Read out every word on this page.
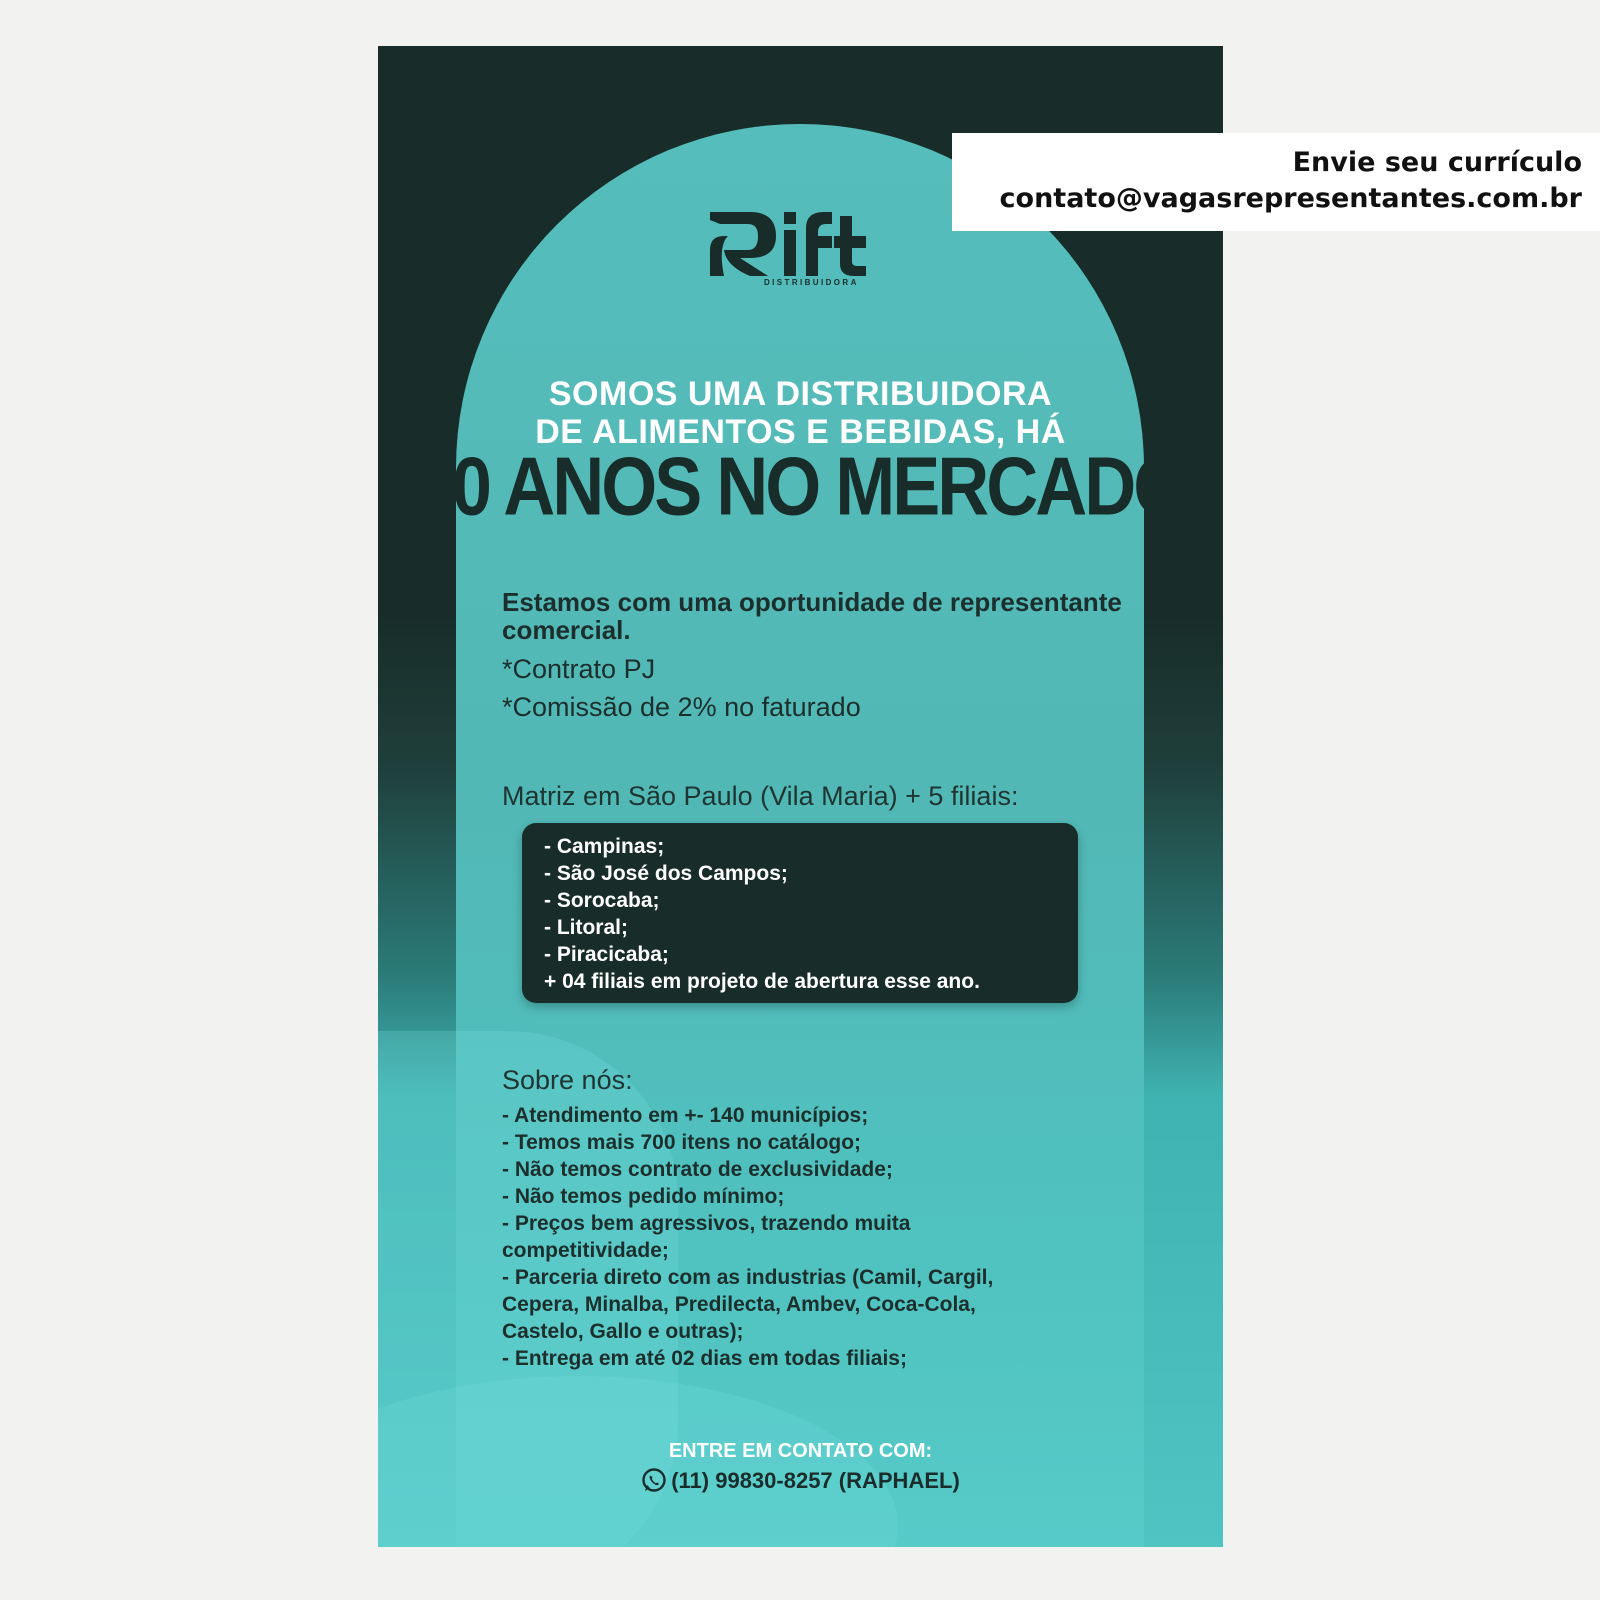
DISTRIBUIDORA
SOMOS UMA DISTRIBUIDORA
DE ALIMENTOS E BEBIDAS, HÁ
10 ANOS NO MERCADO
Estamos com uma oportunidade de representante comercial.
*Contrato PJ
*Comissão de 2% no faturado
Matriz em São Paulo (Vila Maria) + 5 filiais:
- Campinas;
- São José dos Campos;
- Sorocaba;
- Litoral;
- Piracicaba;
+ 04 filiais em projeto de abertura esse ano.
Sobre nós:
- Atendimento em +- 140 municípios;
- Temos mais 700 itens no catálogo;
- Não temos contrato de exclusividade;
- Não temos pedido mínimo;
- Preços bem agressivos, trazendo muita competitividade;
- Parceria direto com as industrias (Camil, Cargil, Cepera, Minalba, Predilecta, Ambev, Coca-Cola, Castelo, Gallo e outras);
- Entrega em até 02 dias em todas filiais;
ENTRE EM CONTATO COM:
(11) 99830-8257 (RAPHAEL)
Envie seu currículo
contato@vagasrepresentantes.com.br
